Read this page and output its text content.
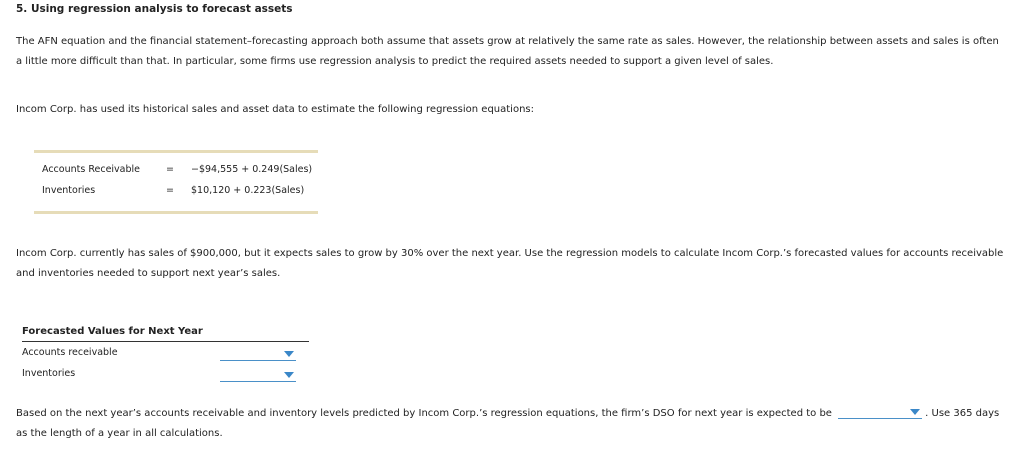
5. Using regression analysis to forecast assets
The AFN equation and the financial statement–forecasting approach both assume that assets grow at relatively the same rate as sales. However, the relationship between assets and sales is often a little more difficult than that. In particular, some firms use regression analysis to predict the required assets needed to support a given level of sales.
Incom Corp. has used its historical sales and asset data to estimate the following regression equations:
Accounts Receivable	= −$94,555 + 0.249(Sales)
Inventories	= $10,120 + 0.223(Sales)
Incom Corp. currently has sales of $900,000, but it expects sales to grow by 30% over the next year. Use the regression models to calculate Incom Corp.’s forecasted values for accounts receivable and inventories needed to support next year’s sales.
Forecasted Values for Next Year
Accounts receivable
Inventories
Based on the next year’s accounts receivable and inventory levels predicted by Incom Corp.’s regression equations, the firm’s DSO for next year is expected to be	. Use 365 days as the length of a year in all calculations.
